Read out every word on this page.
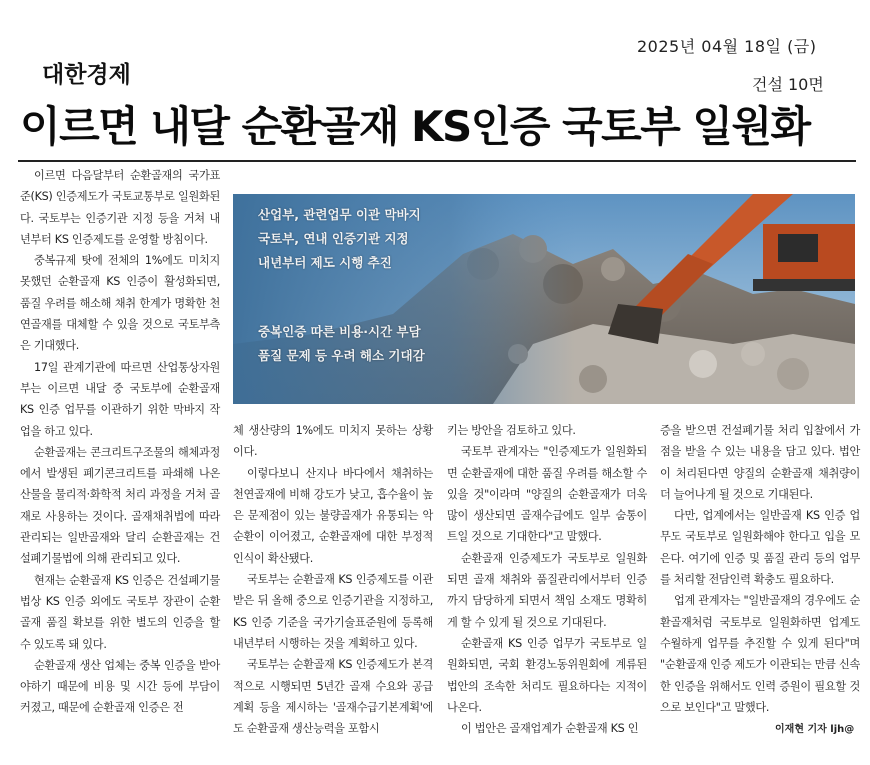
2025년 04월 18일 (금)
대한경제	건설 10면
이르면 내달 순환골재 KS인증 국토부 일원화
산업부, 관련업무 이관 막바지
국토부, 연내 인증기관 지정
내년부터 제도 시행 추진
중복인증 따른 비용·시간 부담
품질 문제 등 우려 해소 기대감

이르면 다음달부터 순환골재의 국가표준(KS) 인증제도가 국토교통부로 일원화된다. 국토부는 인증기관 지정 등을 거쳐 내년부터 KS 인증제도를 운영할 방침이다.

중복규제 탓에 전체의 1%에도 미치지 못했던 순환골재 KS 인증이 활성화되면, 품질 우려를 해소해 채취 한계가 명확한 천연골재를 대체할 수 있을 것으로 국토부측은 기대했다.

17일 관계기관에 따르면 산업통상자원부는 이르면 내달 중 국토부에 순환골재 KS 인증 업무를 이관하기 위한 막바지 작업을 하고 있다.

순환골재는 콘크리트구조물의 해체과정에서 발생된 폐기콘크리트를 파쇄해 나온 산물을 물리적·화학적 처리 과정을 거쳐 골재로 사용하는 것이다. 골재채취법에 따라 관리되는 일반골재와 달리 순환골재는 건설폐기물법에 의해 관리되고 있다.

현재는 순환골재 KS 인증은 건설폐기물법상 KS 인증 외에도 국토부 장관이 순환골재 품질 확보를 위한 별도의 인증을 할 수 있도록 돼 있다.

순환골재 생산 업체는 중복 인증을 받아야하기 때문에 비용 및 시간 등에 부담이 커졌고, 때문에 순환골재 인증은 전

체 생산량의 1%에도 미치지 못하는 상황이다.

이렇다보니 산지나 바다에서 채취하는 천연골재에 비해 강도가 낮고, 흡수율이 높은 문제점이 있는 불량골재가 유통되는 악순환이 이어졌고, 순환골재에 대한 부정적 인식이 확산됐다.

국토부는 순환골재 KS 인증제도를 이관받은 뒤 올해 중으로 인증기관을 지정하고, KS 인증 기준을 국가기술표준원에 등록해 내년부터 시행하는 것을 계획하고 있다.

국토부는 순환골재 KS 인증제도가 본격적으로 시행되면 5년간 골재 수요와 공급계획 등을 제시하는 '골재수급기본계획'에도 순환골재 생산능력을 포함시

키는 방안을 검토하고 있다.

국토부 관계자는 "인증제도가 일원화되면 순환골재에 대한 품질 우려를 해소할 수 있을 것"이라며 "양질의 순환골재가 더욱 많이 생산되면 골재수급에도 일부 숨통이 트일 것으로 기대한다"고 말했다.

순환골재 인증제도가 국토부로 일원화되면 골재 채취와 품질관리에서부터 인증까지 담당하게 되면서 책임 소재도 명확히게 할 수 있게 될 것으로 기대된다.

순환골재 KS 인증 업무가 국토부로 일원화되면, 국회 환경노동위원회에 계류된 법안의 조속한 처리도 필요하다는 지적이 나온다.

이 법안은 골재업계가 순환골재 KS 인

증을 받으면 건설폐기물 처리 입찰에서 가점을 받을 수 있는 내용을 담고 있다. 법안이 처리된다면 양질의 순환골재 채취량이 더 늘어나게 될 것으로 기대된다.

다만, 업계에서는 일반골재 KS 인증 업무도 국토부로 일원화해야 한다고 입을 모은다. 여기에 인증 및 품질 관리 등의 업무를 처리할 전담인력 확충도 필요하다.

업계 관계자는 "일반골재의 경우에도 순환골재처럼 국토부로 일원화하면 업계도 수월하게 업무를 추진할 수 있게 된다"며 "순환골재 인증 제도가 이관되는 만큼 신속한 인증을 위해서도 인력 증원이 필요할 것으로 보인다"고 말했다.

이재현 기자 ljh@
